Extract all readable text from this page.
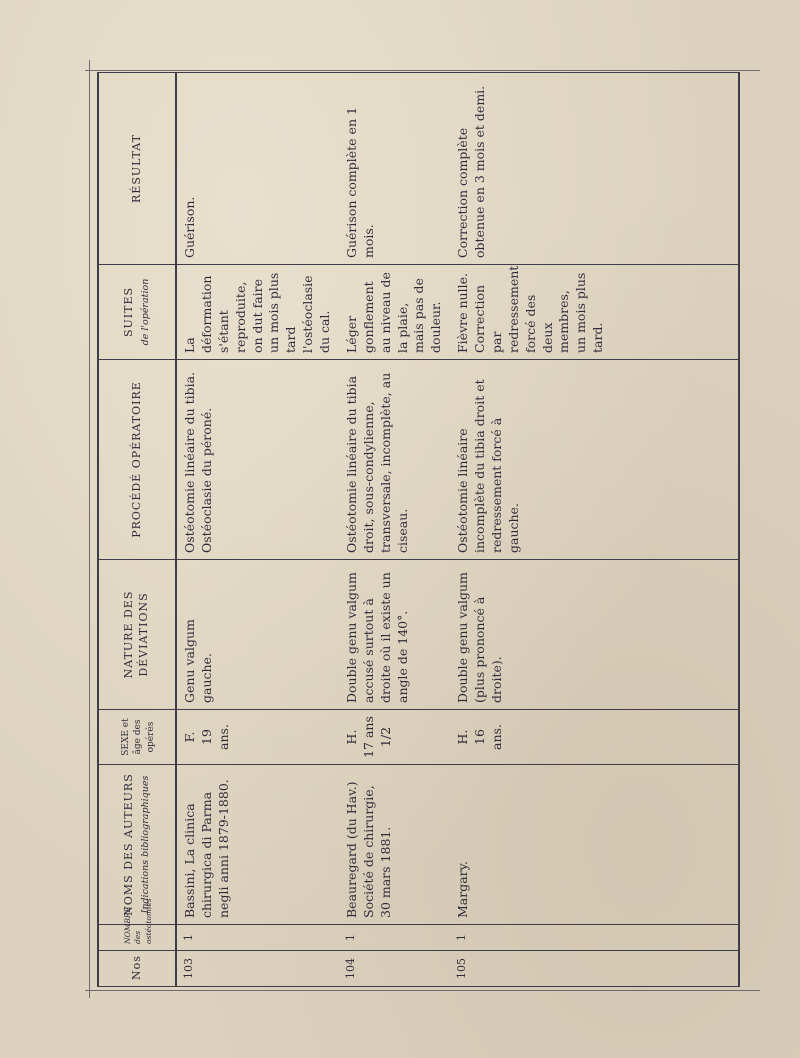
Nos	NOMBRE des ostéotomies	NOMS DES AUTEURS Indications bibliographiques	SEXE et âge des opérés	NATURE DES DÉVIATIONS	PROCÉDÉ OPÉRATOIRE	SUITES de l'opération	RÉSULTAT

103	1	Bassini, La clinica chirurgica di Parma negli anni 1879-1880.	F. 19 ans.	Genu valgum gauche.	Ostéotomie linéaire du tibia. Ostéoclasie du péroné.	La déformation s'étant reproduite, on dut faire un mois plus tard l'ostéoclasie du cal.	Guérison.
104	1	Beauregard (du Hav.) Société de chirurgie, 30 mars 1881.	H. 17 ans 1/2	Double genu valgum accusé surtout à droite où il existe un angle de 140°.	Ostéotomie linéaire du tibia droit, sous-condylienne, transversale, incomplète, au ciseau.	Léger gonflement au niveau de la plaie, mais pas de douleur.	Guérison complète en 1 mois.
105	1	Margary.	H. 16 ans.	Double genu valgum (plus prononcé à droite).	Ostéotomie linéaire incomplète du tibia droit et redressement forcé à gauche.	Fièvre nulle. Correction par redressement forcé des deux membres, un mois plus tard.	Correction complète obtenue en 3 mois et demi.
